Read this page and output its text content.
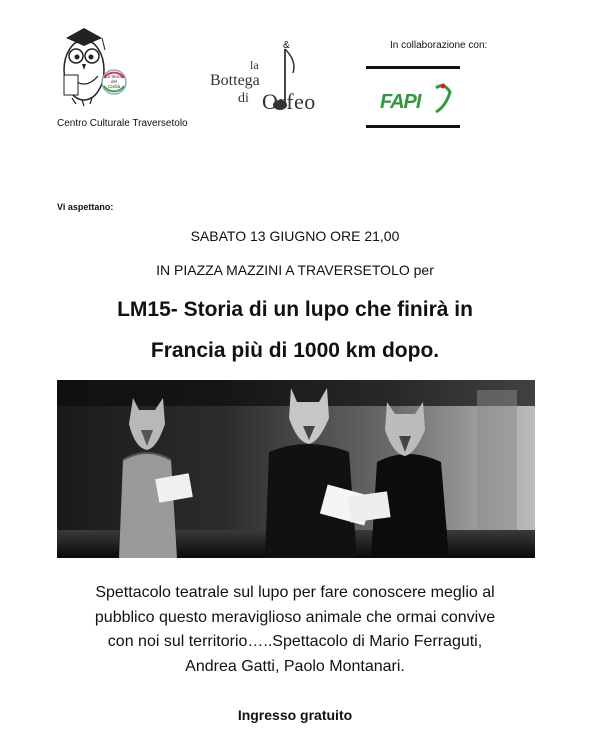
La Storia
del
Civiltà
Centro Culturale Traversetolo
&
la
Bottega
di Orfeo
In collaborazione con:
FAPI
Vi aspettano:
SABATO 13 GIUGNO ORE 21,00
IN PIAZZA MAZZINI A TRAVERSETOLO per
LM15- Storia di un lupo che finirà in
Francia più di 1000 km dopo.
Spettacolo teatrale sul lupo per fare conoscere meglio al
pubblico questo meraviglioso animale che ormai convive
con noi sul territorio…..Spettacolo di Mario Ferraguti,
Andrea Gatti, Paolo Montanari.
Ingresso gratuito
